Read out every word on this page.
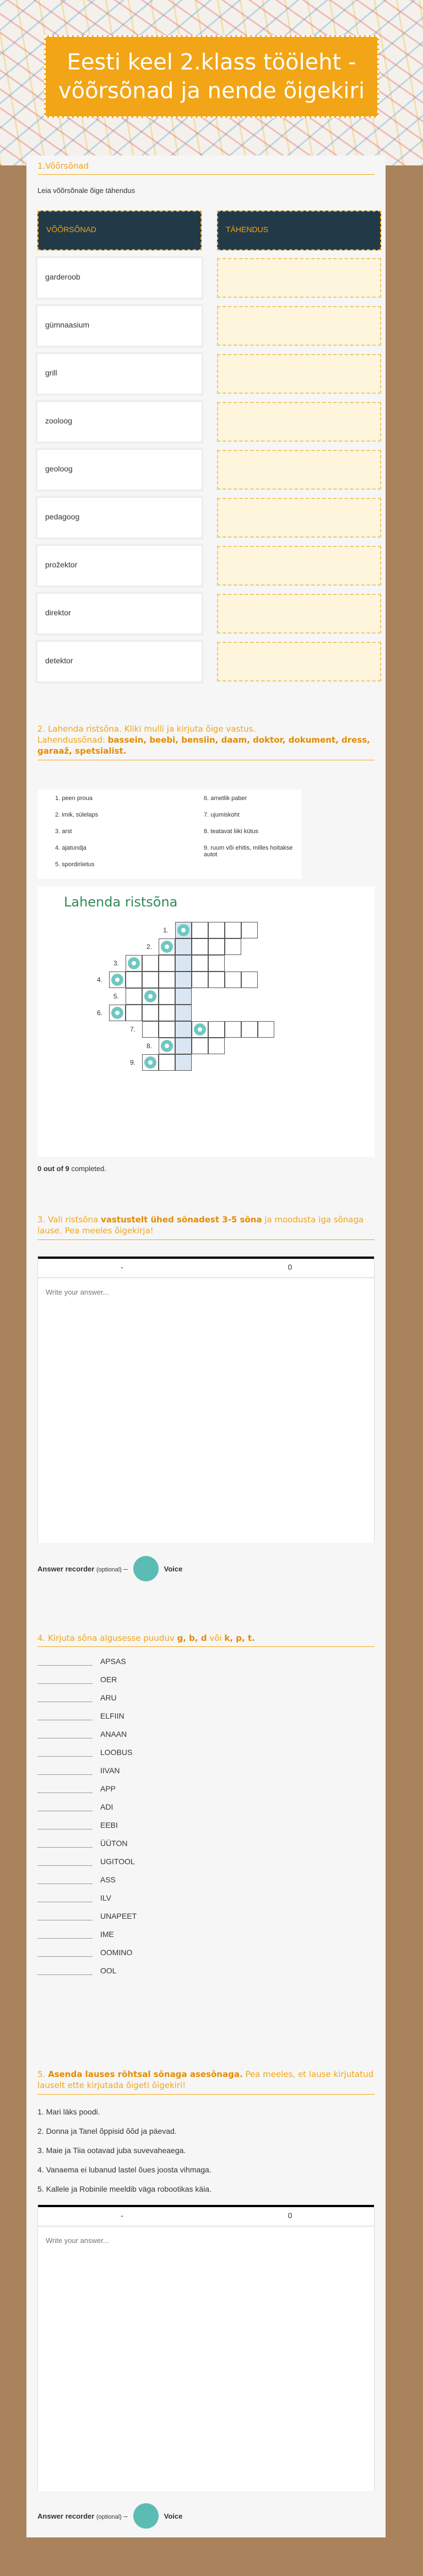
Eesti keel 2.klass tööleht - võõrsõnad ja nende õigekiri
1.Võõrsõnad
Leia võõrsõnale õige tähendus
VÕÕRSÕNAD	TÄHENDUS
garderoob
gümnaasium
grill
zooloog
geoloog
pedagoog
prožektor
direktor
detektor
2. Lahenda ristsõna. Kliki mulli ja kirjuta õige vastus.
Lahendussõnad: bassein, beebi, bensiin, daam, doktor, dokument, dress, garaaž, spetsialist.
1. peen proua
2. imik, sülelaps
3. arst
4. ajatundja
5. spordiriietus
6. ametlik paber
7. ujumiskoht
8. teatavat liiki kütus
9. ruum või ehitis, milles hoitakse autot
Lahenda ristsõna
1.
2.
3.
4.
5.
6.
7.
8.
9.
0 out of 9 completed.
3. Vali ristsõna vastustelt ühed sõnadest 3-5 sõna ja moodusta iga sõnaga lause. Pea meeles õigekirja!
-	0
Write your answer...
Answer recorder (optional) –	Voice
4. Kirjuta sõna algusesse puuduv g, b, d või k, p, t.
APSAS
OER
ARU
ELFIIN
ANAAN
LOOBUS
IIVAN
APP
ADI
EEBI
ÜÜTON
UGITOOL
ASS
ILV
UNAPEET
IME
OOMINO
OOL
5. Asenda lauses rõhtsal sõnaga asesõnaga. Pea meeles, et lause kirjutatud lauselt ette kirjutada õigeti õigekiri!
1. Mari läks poodi.
2. Donna ja Tanel õppisid õõd ja päevad.
3. Maie ja Tiia ootavad juba suvevaheaega.
4. Vanaema ei lubanud lastel õues joosta vihmaga.
5. Kallele ja Robinile meeldib väga robootikas käia.
-	0
Write your answer...
Answer recorder (optional) –	Voice
